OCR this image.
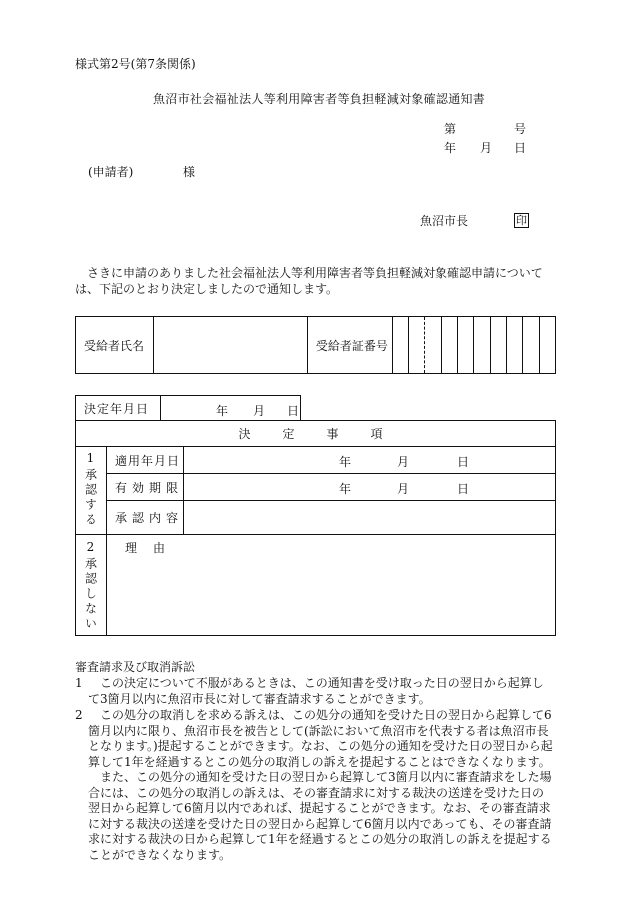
様式第2号(第7条関係)
魚沼市社会福祉法人等利用障害者等負担軽減対象確認通知書
第	号
年 月 日
(申請者)	様
魚沼市長	印
さきに申請のありました社会福祉法人等利用障害者等負担軽減対象確認申請については、下記のとおり決定しましたので通知します。
受給者氏名		受給者証番号										
決定年月日	年 月 日
決　定　事　項		
1承認する	適用年月日	年 月 日

	有効期限	年 月 日

	承認内容	
2承認しない	理　由	
審査請求及び取消訴訟
1	この決定について不服があるときは、この通知書を受け取った日の翌日から起算して3箇月以内に魚沼市長に対して審査請求することができます。
2	この処分の取消しを求める訴えは、この処分の通知を受けた日の翌日から起算して6箇月以内に限り、魚沼市長を被告として(訴訟において魚沼市を代表する者は魚沼市長となります。)提起することができます。なお、この処分の通知を受けた日の翌日から起算して1年を経過するとこの処分の取消しの訴えを提起することはできなくなります。
また、この処分の通知を受けた日の翌日から起算して3箇月以内に審査請求をした場合には、この処分の取消しの訴えは、その審査請求に対する裁決の送達を受けた日の翌日から起算して6箇月以内であれば、提起することができます。なお、その審査請求に対する裁決の送達を受けた日の翌日から起算して6箇月以内であっても、その審査請求に対する裁決の日から起算して1年を経過するとこの処分の取消しの訴えを提起することができなくなります。
